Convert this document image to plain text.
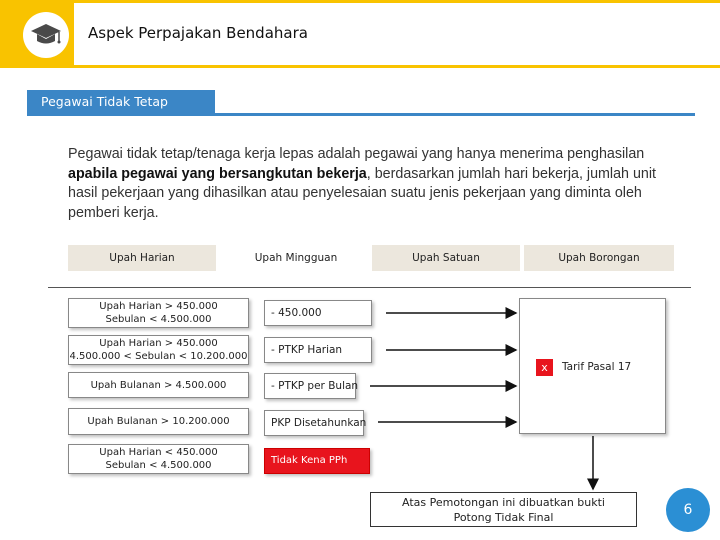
Aspek Perpajakan Bendahara
Pegawai Tidak Tetap
Pegawai tidak tetap/tenaga kerja lepas adalah pegawai yang hanya menerima penghasilan apabila pegawai yang bersangkutan bekerja, berdasarkan jumlah hari bekerja, jumlah unit hasil pekerjaan yang dihasilkan atau penyelesaian suatu jenis pekerjaan yang diminta oleh pemberi kerja.
Upah Harian	Upah Mingguan	Upah Satuan	Upah Borongan
Upah Harian > 450.000
Sebulan < 4.500.000
Upah Harian > 450.000
4.500.000 < Sebulan < 10.200.000
Upah Bulanan > 4.500.000
Upah Bulanan > 10.200.000
Upah Harian < 450.000
Sebulan < 4.500.000
- 450.000
- PTKP Harian
- PTKP per Bulan
PKP Disetahunkan
Tidak Kena PPh
x	Tarif Pasal 17
Atas Pemotongan ini dibuatkan bukti
Potong Tidak Final	6
